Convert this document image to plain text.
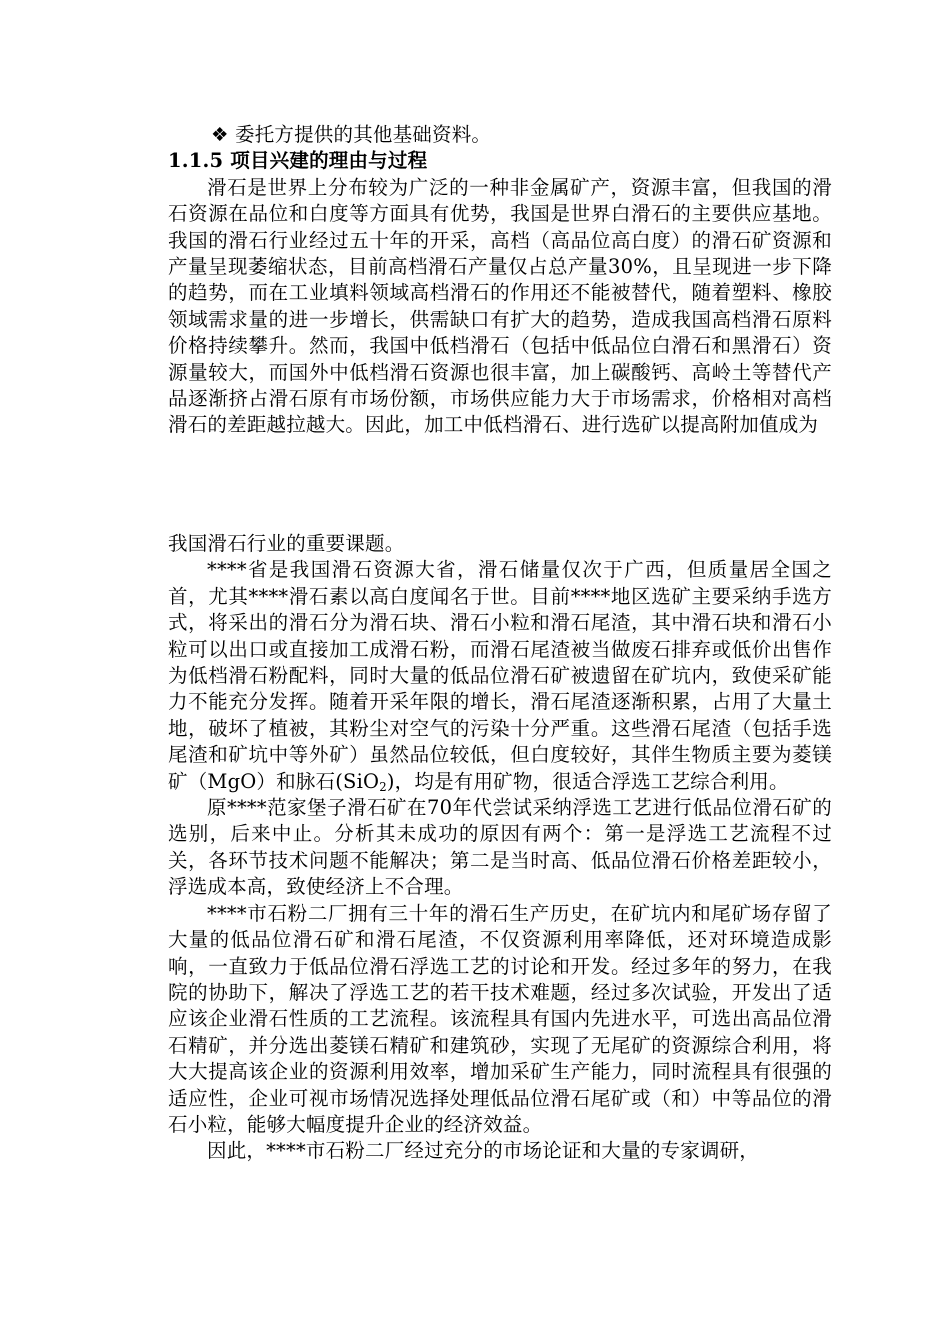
❖ 委托方提供的其他基础资料。
1.1.5 项目兴建的理由与过程

滑石是世界上分布较为广泛的一种非金属矿产，资源丰富，但我国的滑石资源在品位和白度等方面具有优势，我国是世界白滑石的主要供应基地。我国的滑石行业经过五十年的开采，高档（高品位高白度）的滑石矿资源和产量呈现萎缩状态，目前高档滑石产量仅占总产量30%，且呈现进一步下降的趋势，而在工业填料领域高档滑石的作用还不能被替代，随着塑料、橡胶领域需求量的进一步增长，供需缺口有扩大的趋势，造成我国高档滑石原料价格持续攀升。然而，我国中低档滑石（包括中低品位白滑石和黑滑石）资源量较大，而国外中低档滑石资源也很丰富，加上碳酸钙、高岭土等替代产品逐渐挤占滑石原有市场份额，市场供应能力大于市场需求，价格相对高档滑石的差距越拉越大。因此，加工中低档滑石、进行选矿以提高附加值成为

我国滑石行业的重要课题。

****省是我国滑石资源大省，滑石储量仅次于广西，但质量居全国之首，尤其****滑石素以高白度闻名于世。目前****地区选矿主要采纳手选方式，将采出的滑石分为滑石块、滑石小粒和滑石尾渣，其中滑石块和滑石小粒可以出口或直接加工成滑石粉，而滑石尾渣被当做废石排弃或低价出售作为低档滑石粉配料，同时大量的低品位滑石矿被遗留在矿坑内，致使采矿能力不能充分发挥。随着开采年限的增长，滑石尾渣逐渐积累，占用了大量土地，破坏了植被，其粉尘对空气的污染十分严重。这些滑石尾渣（包括手选尾渣和矿坑中等外矿）虽然品位较低，但白度较好，其伴生物质主要为菱镁矿（MgO）和脉石(SiO$_2$)，均是有用矿物，很适合浮选工艺综合利用。

原****范家堡子滑石矿在70年代尝试采纳浮选工艺进行低品位滑石矿的选别，后来中止。分析其未成功的原因有两个：第一是浮选工艺流程不过关，各环节技术问题不能解决；第二是当时高、低品位滑石价格差距较小，浮选成本高，致使经济上不合理。

****市石粉二厂拥有三十年的滑石生产历史，在矿坑内和尾矿场存留了大量的低品位滑石矿和滑石尾渣，不仅资源利用率降低，还对环境造成影响，一直致力于低品位滑石浮选工艺的讨论和开发。经过多年的努力，在我院的协助下，解决了浮选工艺的若干技术难题，经过多次试验，开发出了适应该企业滑石性质的工艺流程。该流程具有国内先进水平，可选出高品位滑石精矿，并分选出菱镁石精矿和建筑砂，实现了无尾矿的资源综合利用，将大大提高该企业的资源利用效率，增加采矿生产能力，同时流程具有很强的适应性，企业可视市场情况选择处理低品位滑石尾矿或（和）中等品位的滑石小粒，能够大幅度提升企业的经济效益。

因此，****市石粉二厂经过充分的市场论证和大量的专家调研，
